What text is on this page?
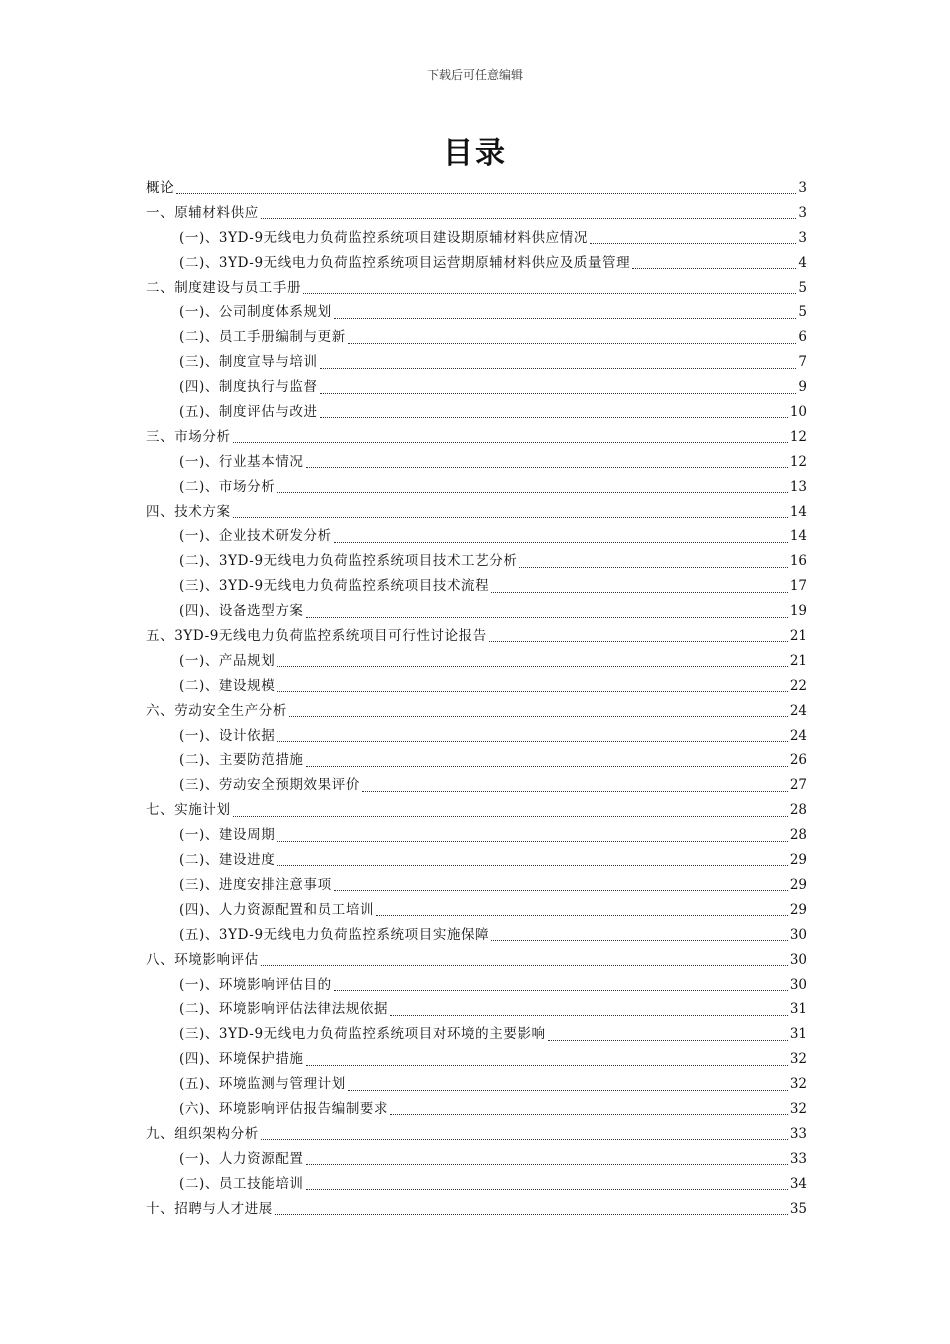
下载后可任意编辑
目录
概论	3
一、原辅材料供应	3
(一)、3YD-9无线电力负荷监控系统项目建设期原辅材料供应情况	3
(二)、3YD-9无线电力负荷监控系统项目运营期原辅材料供应及质量管理	4
二、制度建设与员工手册	5
(一)、公司制度体系规划	5
(二)、员工手册编制与更新	6
(三)、制度宣导与培训	7
(四)、制度执行与监督	9
(五)、制度评估与改进	10
三、市场分析	12
(一)、行业基本情况	12
(二)、市场分析	13
四、技术方案	14
(一)、企业技术研发分析	14
(二)、3YD-9无线电力负荷监控系统项目技术工艺分析	16
(三)、3YD-9无线电力负荷监控系统项目技术流程	17
(四)、设备选型方案	19
五、3YD-9无线电力负荷监控系统项目可行性讨论报告	21
(一)、产品规划	21
(二)、建设规模	22
六、劳动安全生产分析	24
(一)、设计依据	24
(二)、主要防范措施	26
(三)、劳动安全预期效果评价	27
七、实施计划	28
(一)、建设周期	28
(二)、建设进度	29
(三)、进度安排注意事项	29
(四)、人力资源配置和员工培训	29
(五)、3YD-9无线电力负荷监控系统项目实施保障	30
八、环境影响评估	30
(一)、环境影响评估目的	30
(二)、环境影响评估法律法规依据	31
(三)、3YD-9无线电力负荷监控系统项目对环境的主要影响	31
(四)、环境保护措施	32
(五)、环境监测与管理计划	32
(六)、环境影响评估报告编制要求	32
九、组织架构分析	33
(一)、人力资源配置	33
(二)、员工技能培训	34
十、招聘与人才进展	35
